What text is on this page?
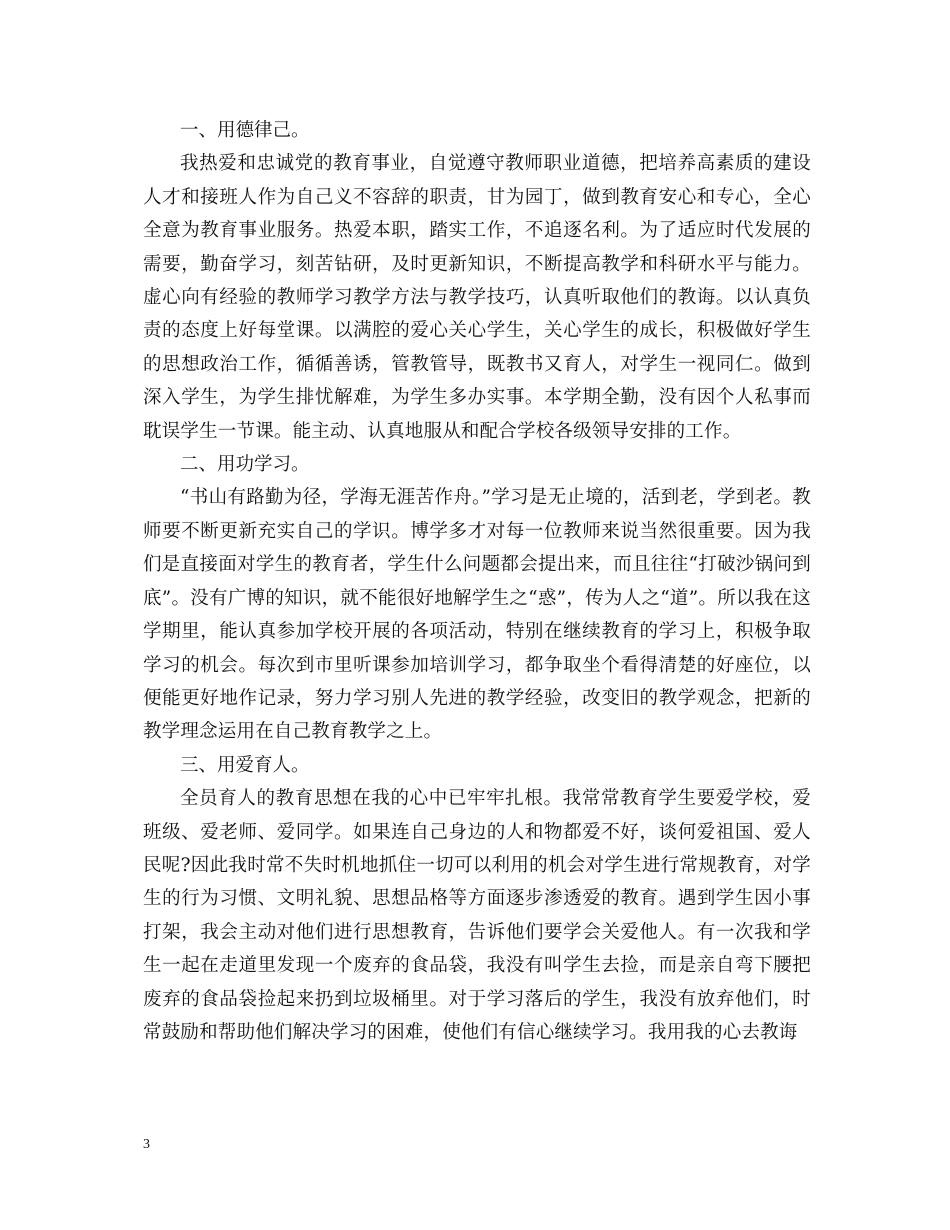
一、用德律己。

我热爱和忠诚党的教育事业，自觉遵守教师职业道德，把培养高素质的建设人才和接班人作为自己义不容辞的职责，甘为园丁，做到教育安心和专心，全心全意为教育事业服务。热爱本职，踏实工作，不追逐名利。为了适应时代发展的需要，勤奋学习，刻苦钻研，及时更新知识，不断提高教学和科研水平与能力。虚心向有经验的教师学习教学方法与教学技巧，认真听取他们的教诲。以认真负责的态度上好每堂课。以满腔的爱心关心学生，关心学生的成长，积极做好学生的思想政治工作，循循善诱，管教管导，既教书又育人，对学生一视同仁。做到深入学生，为学生排忧解难，为学生多办实事。本学期全勤，没有因个人私事而耽误学生一节课。能主动、认真地服从和配合学校各级领导安排的工作。

二、用功学习。

“书山有路勤为径，学海无涯苦作舟。”学习是无止境的，活到老，学到老。教师要不断更新充实自己的学识。博学多才对每一位教师来说当然很重要。因为我们是直接面对学生的教育者，学生什么问题都会提出来，而且往往“打破沙锅问到底”。没有广博的知识，就不能很好地解学生之“惑”，传为人之“道”。所以我在这学期里，能认真参加学校开展的各项活动，特别在继续教育的学习上，积极争取学习的机会。每次到市里听课参加培训学习，都争取坐个看得清楚的好座位，以便能更好地作记录，努力学习别人先进的教学经验，改变旧的教学观念，把新的教学理念运用在自己教育教学之上。

三、用爱育人。

全员育人的教育思想在我的心中已牢牢扎根。我常常教育学生要爱学校，爱班级、爱老师、爱同学。如果连自己身边的人和物都爱不好，谈何爱祖国、爱人民呢?因此我时常不失时机地抓住一切可以利用的机会对学生进行常规教育，对学生的行为习惯、文明礼貌、思想品格等方面逐步渗透爱的教育。遇到学生因小事打架，我会主动对他们进行思想教育，告诉他们要学会关爱他人。有一次我和学生一起在走道里发现一个废弃的食品袋，我没有叫学生去捡，而是亲自弯下腰把废弃的食品袋捡起来扔到垃圾桶里。对于学习落后的学生，我没有放弃他们，时常鼓励和帮助他们解决学习的困难，使他们有信心继续学习。我用我的心去教诲

3
